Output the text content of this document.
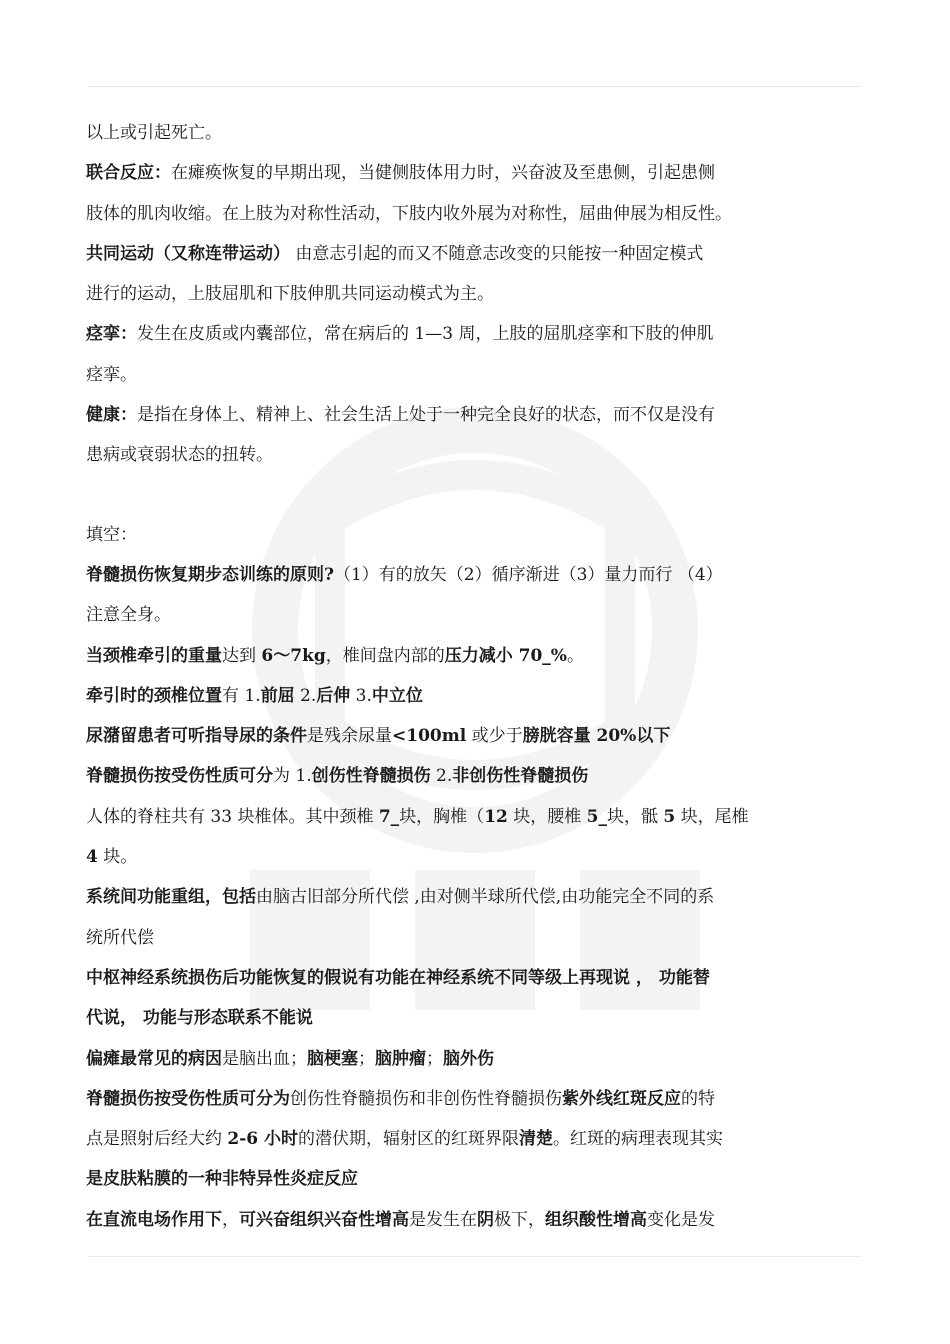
以上或引起死亡。

联合反应：在瘫痪恢复的早期出现，当健侧肢体用力时，兴奋波及至患侧，引起患侧

肢体的肌肉收缩。在上肢为对称性活动，下肢内收外展为对称性，屈曲伸展为相反性。

共同运动（又称连带运动） 由意志引起的而又不随意志改变的只能按一种固定模式

进行的运动，上肢屈肌和下肢伸肌共同运动模式为主。

痉挛：发生在皮质或内囊部位，常在病后的 1—3 周，上肢的屈肌痉挛和下肢的伸肌

痉挛。

健康：是指在身体上、精神上、社会生活上处于一种完全良好的状态，而不仅是没有

患病或衰弱状态的扭转。

填空：

脊髓损伤恢复期步态训练的原则?（1）有的放矢（2）循序渐进（3）量力而行 （4）

注意全身。

当颈椎牵引的重量达到 6～7kg，椎间盘内部的压力减小 70_%。

牵引时的颈椎位置有 1.前屈 2.后伸 3.中立位

尿潴留患者可听指导尿的条件是残余尿量<100ml 或少于膀胱容量 20%以下

脊髓损伤按受伤性质可分为 1.创伤性脊髓损伤 2.非创伤性脊髓损伤

人体的脊柱共有 33 块椎体。其中颈椎 7_块，胸椎（12 块，腰椎 5_块，骶 5 块，尾椎

4 块。

系统间功能重组，包括由脑古旧部分所代偿 ,由对侧半球所代偿,由功能完全不同的系

统所代偿

中枢神经系统损伤后功能恢复的假说有功能在神经系统不同等级上再现说 ， 功能替

代说， 功能与形态联系不能说

偏瘫最常见的病因是脑出血；脑梗塞；脑肿瘤；脑外伤

脊髓损伤按受伤性质可分为创伤性脊髓损伤和非创伤性脊髓损伤紫外线红斑反应的特

点是照射后经大约 2-6 小时的潜伏期，辐射区的红斑界限清楚。红斑的病理表现其实

是皮肤粘膜的一种非特异性炎症反应

在直流电场作用下，可兴奋组织兴奋性增高是发生在阴极下，组织酸性增高变化是发
